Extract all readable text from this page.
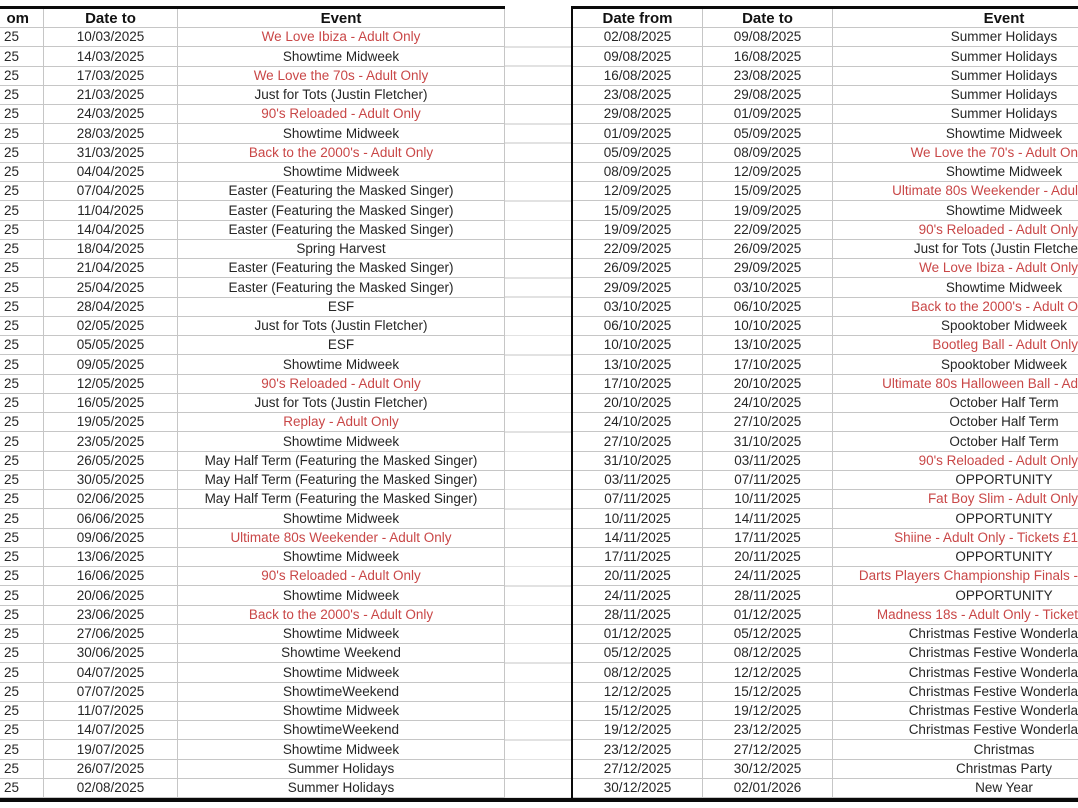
om	Date to	Event
25	10/03/2025	We Love Ibiza - Adult Only
25	14/03/2025	Showtime Midweek
25	17/03/2025	We Love the 70s - Adult Only
25	21/03/2025	Just for Tots (Justin Fletcher)
25	24/03/2025	90's Reloaded - Adult Only
25	28/03/2025	Showtime Midweek
25	31/03/2025	Back to the 2000's - Adult Only
25	04/04/2025	Showtime Midweek
25	07/04/2025	Easter (Featuring the Masked Singer)
25	11/04/2025	Easter (Featuring the Masked Singer)
25	14/04/2025	Easter (Featuring the Masked Singer)
25	18/04/2025	Spring Harvest
25	21/04/2025	Easter (Featuring the Masked Singer)
25	25/04/2025	Easter (Featuring the Masked Singer)
25	28/04/2025	ESF
25	02/05/2025	Just for Tots (Justin Fletcher)
25	05/05/2025	ESF
25	09/05/2025	Showtime Midweek
25	12/05/2025	90's Reloaded - Adult Only
25	16/05/2025	Just for Tots (Justin Fletcher)
25	19/05/2025	Replay - Adult Only
25	23/05/2025	Showtime Midweek
25	26/05/2025	May Half Term (Featuring the Masked Singer)
25	30/05/2025	May Half Term (Featuring the Masked Singer)
25	02/06/2025	May Half Term (Featuring the Masked Singer)
25	06/06/2025	Showtime Midweek
25	09/06/2025	Ultimate 80s Weekender - Adult Only
25	13/06/2025	Showtime Midweek
25	16/06/2025	90's Reloaded - Adult Only
25	20/06/2025	Showtime Midweek
25	23/06/2025	Back to the 2000's - Adult Only
25	27/06/2025	Showtime Midweek
25	30/06/2025	Showtime Weekend
25	04/07/2025	Showtime Midweek
25	07/07/2025	ShowtimeWeekend
25	11/07/2025	Showtime Midweek
25	14/07/2025	ShowtimeWeekend
25	19/07/2025	Showtime Midweek
25	26/07/2025	Summer Holidays
25	02/08/2025	Summer Holidays
Date from	Date to	Event
02/08/2025	09/08/2025	Summer Holidays
09/08/2025	16/08/2025	Summer Holidays
16/08/2025	23/08/2025	Summer Holidays
23/08/2025	29/08/2025	Summer Holidays
29/08/2025	01/09/2025	Summer Holidays
01/09/2025	05/09/2025	Showtime Midweek
05/09/2025	08/09/2025	We Love the 70's - Adult On
08/09/2025	12/09/2025	Showtime Midweek
12/09/2025	15/09/2025	Ultimate 80s Weekender - Adul
15/09/2025	19/09/2025	Showtime Midweek
19/09/2025	22/09/2025	90's Reloaded - Adult Only
22/09/2025	26/09/2025	Just for Tots (Justin Fletche
26/09/2025	29/09/2025	We Love Ibiza - Adult Only
29/09/2025	03/10/2025	Showtime Midweek
03/10/2025	06/10/2025	Back to the 2000's - Adult O
06/10/2025	10/10/2025	Spooktober Midweek
10/10/2025	13/10/2025	Bootleg Ball - Adult Only
13/10/2025	17/10/2025	Spooktober Midweek
17/10/2025	20/10/2025	Ultimate 80s Halloween Ball - Ad
20/10/2025	24/10/2025	October Half Term
24/10/2025	27/10/2025	October Half Term
27/10/2025	31/10/2025	October Half Term
31/10/2025	03/11/2025	90's Reloaded - Adult Only
03/11/2025	07/11/2025	OPPORTUNITY
07/11/2025	10/11/2025	Fat Boy Slim - Adult Only
10/11/2025	14/11/2025	OPPORTUNITY
14/11/2025	17/11/2025	Shiine - Adult Only - Tickets £1
17/11/2025	20/11/2025	OPPORTUNITY
20/11/2025	24/11/2025	Darts Players Championship Finals -
24/11/2025	28/11/2025	OPPORTUNITY
28/11/2025	01/12/2025	Madness 18s - Adult Only - Ticket
01/12/2025	05/12/2025	Christmas Festive Wonderla
05/12/2025	08/12/2025	Christmas Festive Wonderla
08/12/2025	12/12/2025	Christmas Festive Wonderla
12/12/2025	15/12/2025	Christmas Festive Wonderla
15/12/2025	19/12/2025	Christmas Festive Wonderla
19/12/2025	23/12/2025	Christmas Festive Wonderla
23/12/2025	27/12/2025	Christmas
27/12/2025	30/12/2025	Christmas Party
30/12/2025	02/01/2026	New Year
